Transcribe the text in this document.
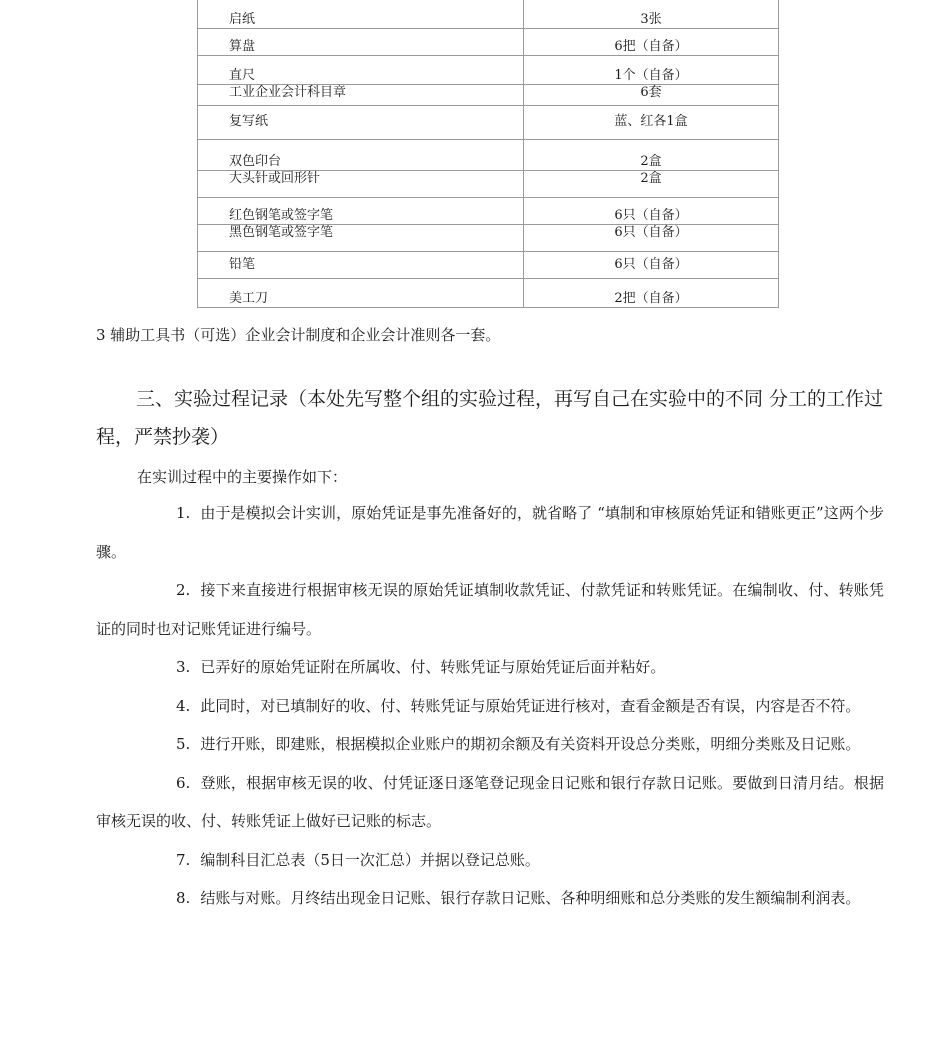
启纸	3张

算盘	6把（自备）

直尺	1个（自备）

工业企业会计科目章	6套

复写纸	蓝、红各1盒

双色印台	2盒

大头针或回形针	2盒

红色钢笔或签字笔	6只（自备）

黑色钢笔或签字笔	6只（自备）

铅笔	6只（自备）

美工刀	2把（自备）
3 辅助工具书（可选）企业会计制度和企业会计准则各一套。
三、实验过程记录（本处先写整个组的实验过程，再写自己在实验中的不同 分工的工作过程，严禁抄袭）
在实训过程中的主要操作如下：

1. 由于是模拟会计实训，原始凭证是事先准备好的，就省略了 “填制和审核原始凭证和错账更正”这两个步骤。

2. 接下来直接进行根据审核无误的原始凭证填制收款凭证、付款凭证和转账凭证。在编制收、付、转账凭证的同时也对记账凭证进行编号。

3. 已弄好的原始凭证附在所属收、付、转账凭证与原始凭证后面并粘好。

4. 此同时，对已填制好的收、付、转账凭证与原始凭证进行核对，查看金额是否有误，内容是否不符。

5. 进行开账，即建账，根据模拟企业账户的期初余额及有关资料开设总分类账，明细分类账及日记账。

6. 登账，根据审核无误的收、付凭证逐日逐笔登记现金日记账和银行存款日记账。要做到日清月结。根据审核无误的收、付、转账凭证上做好已记账的标志。

7. 编制科目汇总表（5日一次汇总）并据以登记总账。

8. 结账与对账。月终结出现金日记账、银行存款日记账、各种明细账和总分类账的发生额编制利润表。
